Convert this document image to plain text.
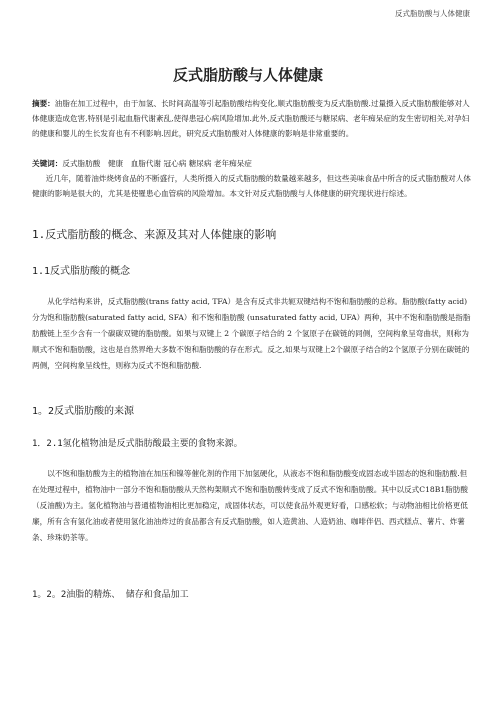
反式脂肪酸与人体健康
反式脂肪酸与人体健康
摘要：油脂在加工过程中，由于加氢、长时间高温等引起脂肪酸结构变化,顺式脂肪酸变为反式脂肪酸.过量摄入反式脂肪酸能够对人体健康造成危害,特别是引起血脂代谢紊乱,使得患冠心病风险增加.此外,反式脂肪酸还与糖尿病、老年痴呆症的发生密切相关,对孕妇的健康和婴儿的生长发育也有不利影响.因此，研究反式脂肪酸对人体健康的影响是非常重要的。
关键词：反式脂肪酸　健康　血脂代谢 冠心病 糖尿病 老年痴呆症

近几年，随着油炸烧烤食品的不断盛行，人类所摄入的反式脂肪酸的数量越来越多，但这些美味食品中所含的反式脂肪酸对人体健康的影响是很大的，尤其是使罹患心血管病的风险增加。本文针对反式脂肪酸与人体健康的研究现状进行综述。

1.反式脂肪酸的概念、来源及其对人体健康的影响
1.1反式脂肪酸的概念

从化学结构来讲，反式脂肪酸(trans fatty acid, TFA）是含有反式非共轭双键结构不饱和脂肪酸的总称。脂肪酸(fatty acid)分为饱和脂肪酸(saturated fatty acid, SFA）和不饱和脂肪酸 (unsaturated fatty acid, UFA）两种，其中不饱和脂肪酸是指脂肪酸链上至少含有一个碳碳双键的脂肪酸。如果与双键上 2 个碳原子结合的 2 个氢原子在碳链的同侧，空间构象呈弯曲状，则称为顺式不饱和脂肪酸，这也是自然界绝大多数不饱和脂肪酸的存在形式。反之,如果与双键上2个碳原子结合的2个氢原子分别在碳链的两侧，空间构象呈线性，则称为反式不饱和脂肪酸.

1。2反式脂肪酸的来源
1．2.1氢化植物油是反式脂肪酸最主要的食物来源。

以不饱和脂肪酸为主的植物油在加压和镍等催化剂的作用下加氢硬化，从液态不饱和脂肪酸变成固态或半固态的饱和脂肪酸.但在处理过程中，植物油中一部分不饱和脂肪酸从天然构架顺式不饱和脂肪酸转变成了反式不饱和脂肪酸。其中以反式C18B1脂肪酸（反油酸)为主。氢化植物油与普通植物油相比更加稳定，成固体状态，可以使食品外观更好看，口感松软；与动物油相比价格更低廉，所有含有氢化油或者使用氢化油油炸过的食品都含有反式脂肪酸，如人造黄油、人造奶油、咖啡伴侣、西式糕点、薯片、炸薯条、珍珠奶茶等。

1。2。2油脂的精炼、 储存和食品加工
